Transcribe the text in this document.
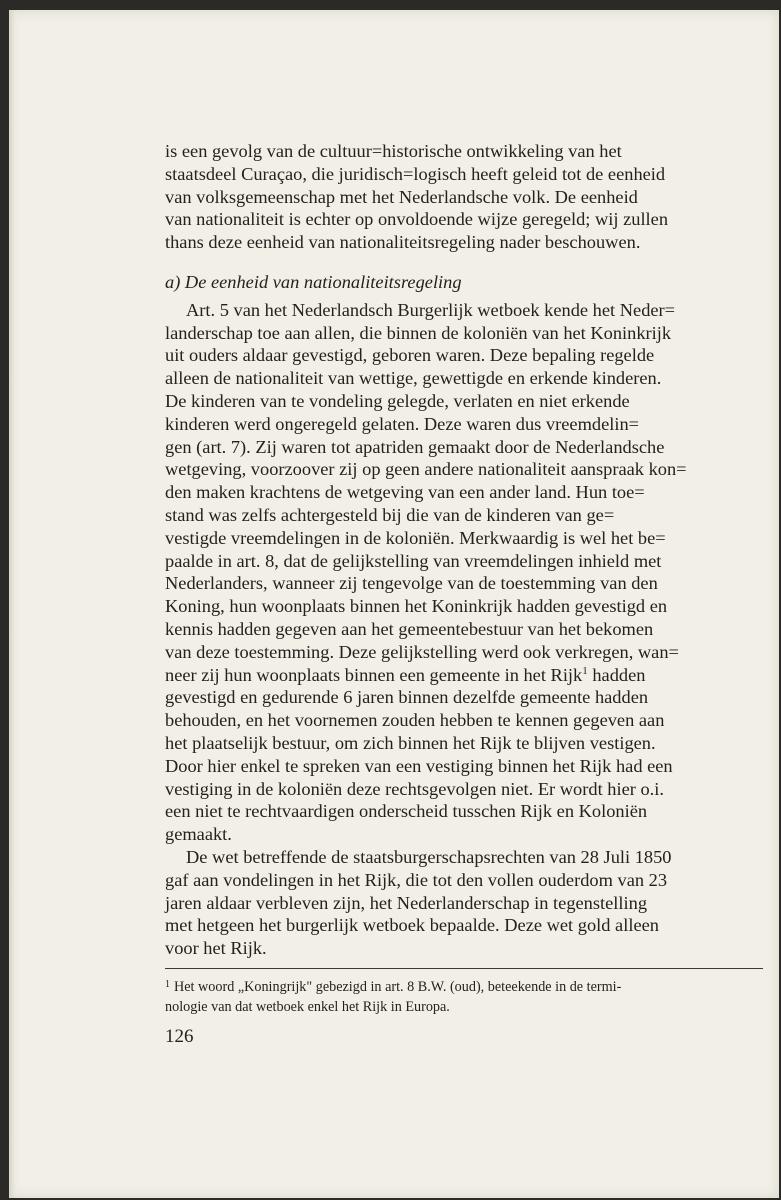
is een gevolg van de cultuur=historische ontwikkeling van het
staatsdeel Curaçao, die juridisch=logisch heeft geleid tot de eenheid
van volksgemeenschap met het Nederlandsche volk. De eenheid
van nationaliteit is echter op onvoldoende wijze geregeld; wij zullen
thans deze eenheid van nationaliteitsregeling nader beschouwen.

a) De eenheid van nationaliteitsregeling

Art. 5 van het Nederlandsch Burgerlijk wetboek kende het Neder=
landerschap toe aan allen, die binnen de koloniën van het Koninkrijk
uit ouders aldaar gevestigd, geboren waren. Deze bepaling regelde
alleen de nationaliteit van wettige, gewettigde en erkende kinderen.
De kinderen van te vondeling gelegde, verlaten en niet erkende
kinderen werd ongeregeld gelaten. Deze waren dus vreemdelin=
gen (art. 7). Zij waren tot apatriden gemaakt door de Nederlandsche
wetgeving, voorzoover zij op geen andere nationaliteit aanspraak kon=
den maken krachtens de wetgeving van een ander land. Hun toe=
stand was zelfs achtergesteld bij die van de kinderen van ge=
vestigde vreemdelingen in de koloniën. Merkwaardig is wel het be=
paalde in art. 8, dat de gelijkstelling van vreemdelingen inhield met
Nederlanders, wanneer zij tengevolge van de toestemming van den
Koning, hun woonplaats binnen het Koninkrijk hadden gevestigd en
kennis hadden gegeven aan het gemeentebestuur van het bekomen
van deze toestemming. Deze gelijkstelling werd ook verkregen, wan=
neer zij hun woonplaats binnen een gemeente in het Rijk$^1$ hadden
gevestigd en gedurende 6 jaren binnen dezelfde gemeente hadden
behouden, en het voornemen zouden hebben te kennen gegeven aan
het plaatselijk bestuur, om zich binnen het Rijk te blijven vestigen.
Door hier enkel te spreken van een vestiging binnen het Rijk had een
vestiging in de koloniën deze rechtsgevolgen niet. Er wordt hier o.i.
een niet te rechtvaardigen onderscheid tusschen Rijk en Koloniën
gemaakt.

De wet betreffende de staatsburgerschapsrechten van 28 Juli 1850
gaf aan vondelingen in het Rijk, die tot den vollen ouderdom van 23
jaren aldaar verbleven zijn, het Nederlanderschap in tegenstelling
met hetgeen het burgerlijk wetboek bepaalde. Deze wet gold alleen
voor het Rijk.

$^1$ Het woord „Koningrijk" gebezigd in art. 8 B.W. (oud), beteekende in de termi-
nologie van dat wetboek enkel het Rijk in Europa.

126
